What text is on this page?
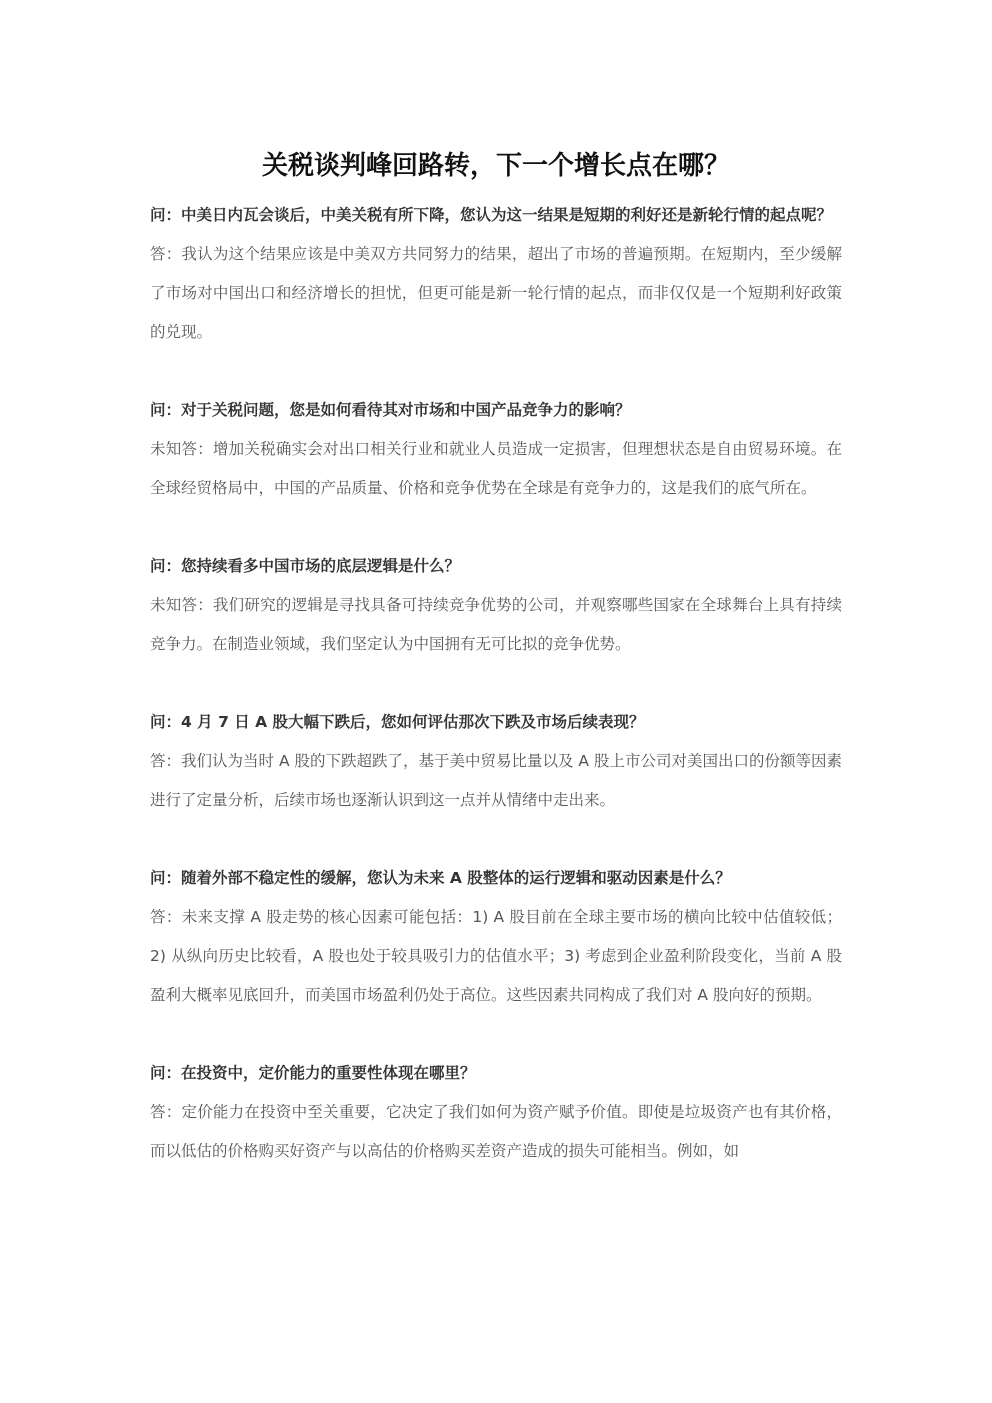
关税谈判峰回路转，下一个增长点在哪？

问：中美日内瓦会谈后，中美关税有所下降，您认为这一结果是短期的利好还是新轮行情的起点呢？

答：我认为这个结果应该是中美双方共同努力的结果，超出了市场的普遍预期。在短期内，至少缓解了市场对中国出口和经济增长的担忧，但更可能是新一轮行情的起点，而非仅仅是一个短期利好政策的兑现。

问：对于关税问题，您是如何看待其对市场和中国产品竞争力的影响？

未知答：增加关税确实会对出口相关行业和就业人员造成一定损害，但理想状态是自由贸易环境。在全球经贸格局中，中国的产品质量、价格和竞争优势在全球是有竞争力的，这是我们的底气所在。

问：您持续看多中国市场的底层逻辑是什么？

未知答：我们研究的逻辑是寻找具备可持续竞争优势的公司，并观察哪些国家在全球舞台上具有持续竞争力。在制造业领域，我们坚定认为中国拥有无可比拟的竞争优势。

问：4 月 7 日 A 股大幅下跌后，您如何评估那次下跌及市场后续表现？

答：我们认为当时 A 股的下跌超跌了，基于美中贸易比量以及 A 股上市公司对美国出口的份额等因素进行了定量分析，后续市场也逐渐认识到这一点并从情绪中走出来。

问：随着外部不稳定性的缓解，您认为未来 A 股整体的运行逻辑和驱动因素是什么？

答：未来支撑 A 股走势的核心因素可能包括：1) A 股目前在全球主要市场的横向比较中估值较低；2) 从纵向历史比较看，A 股也处于较具吸引力的估值水平；3) 考虑到企业盈利阶段变化，当前 A 股盈利大概率见底回升，而美国市场盈利仍处于高位。这些因素共同构成了我们对 A 股向好的预期。

问：在投资中，定价能力的重要性体现在哪里？

答：定价能力在投资中至关重要，它决定了我们如何为资产赋予价值。即使是垃圾资产也有其价格，而以低估的价格购买好资产与以高估的价格购买差资产造成的损失可能相当。例如，如
